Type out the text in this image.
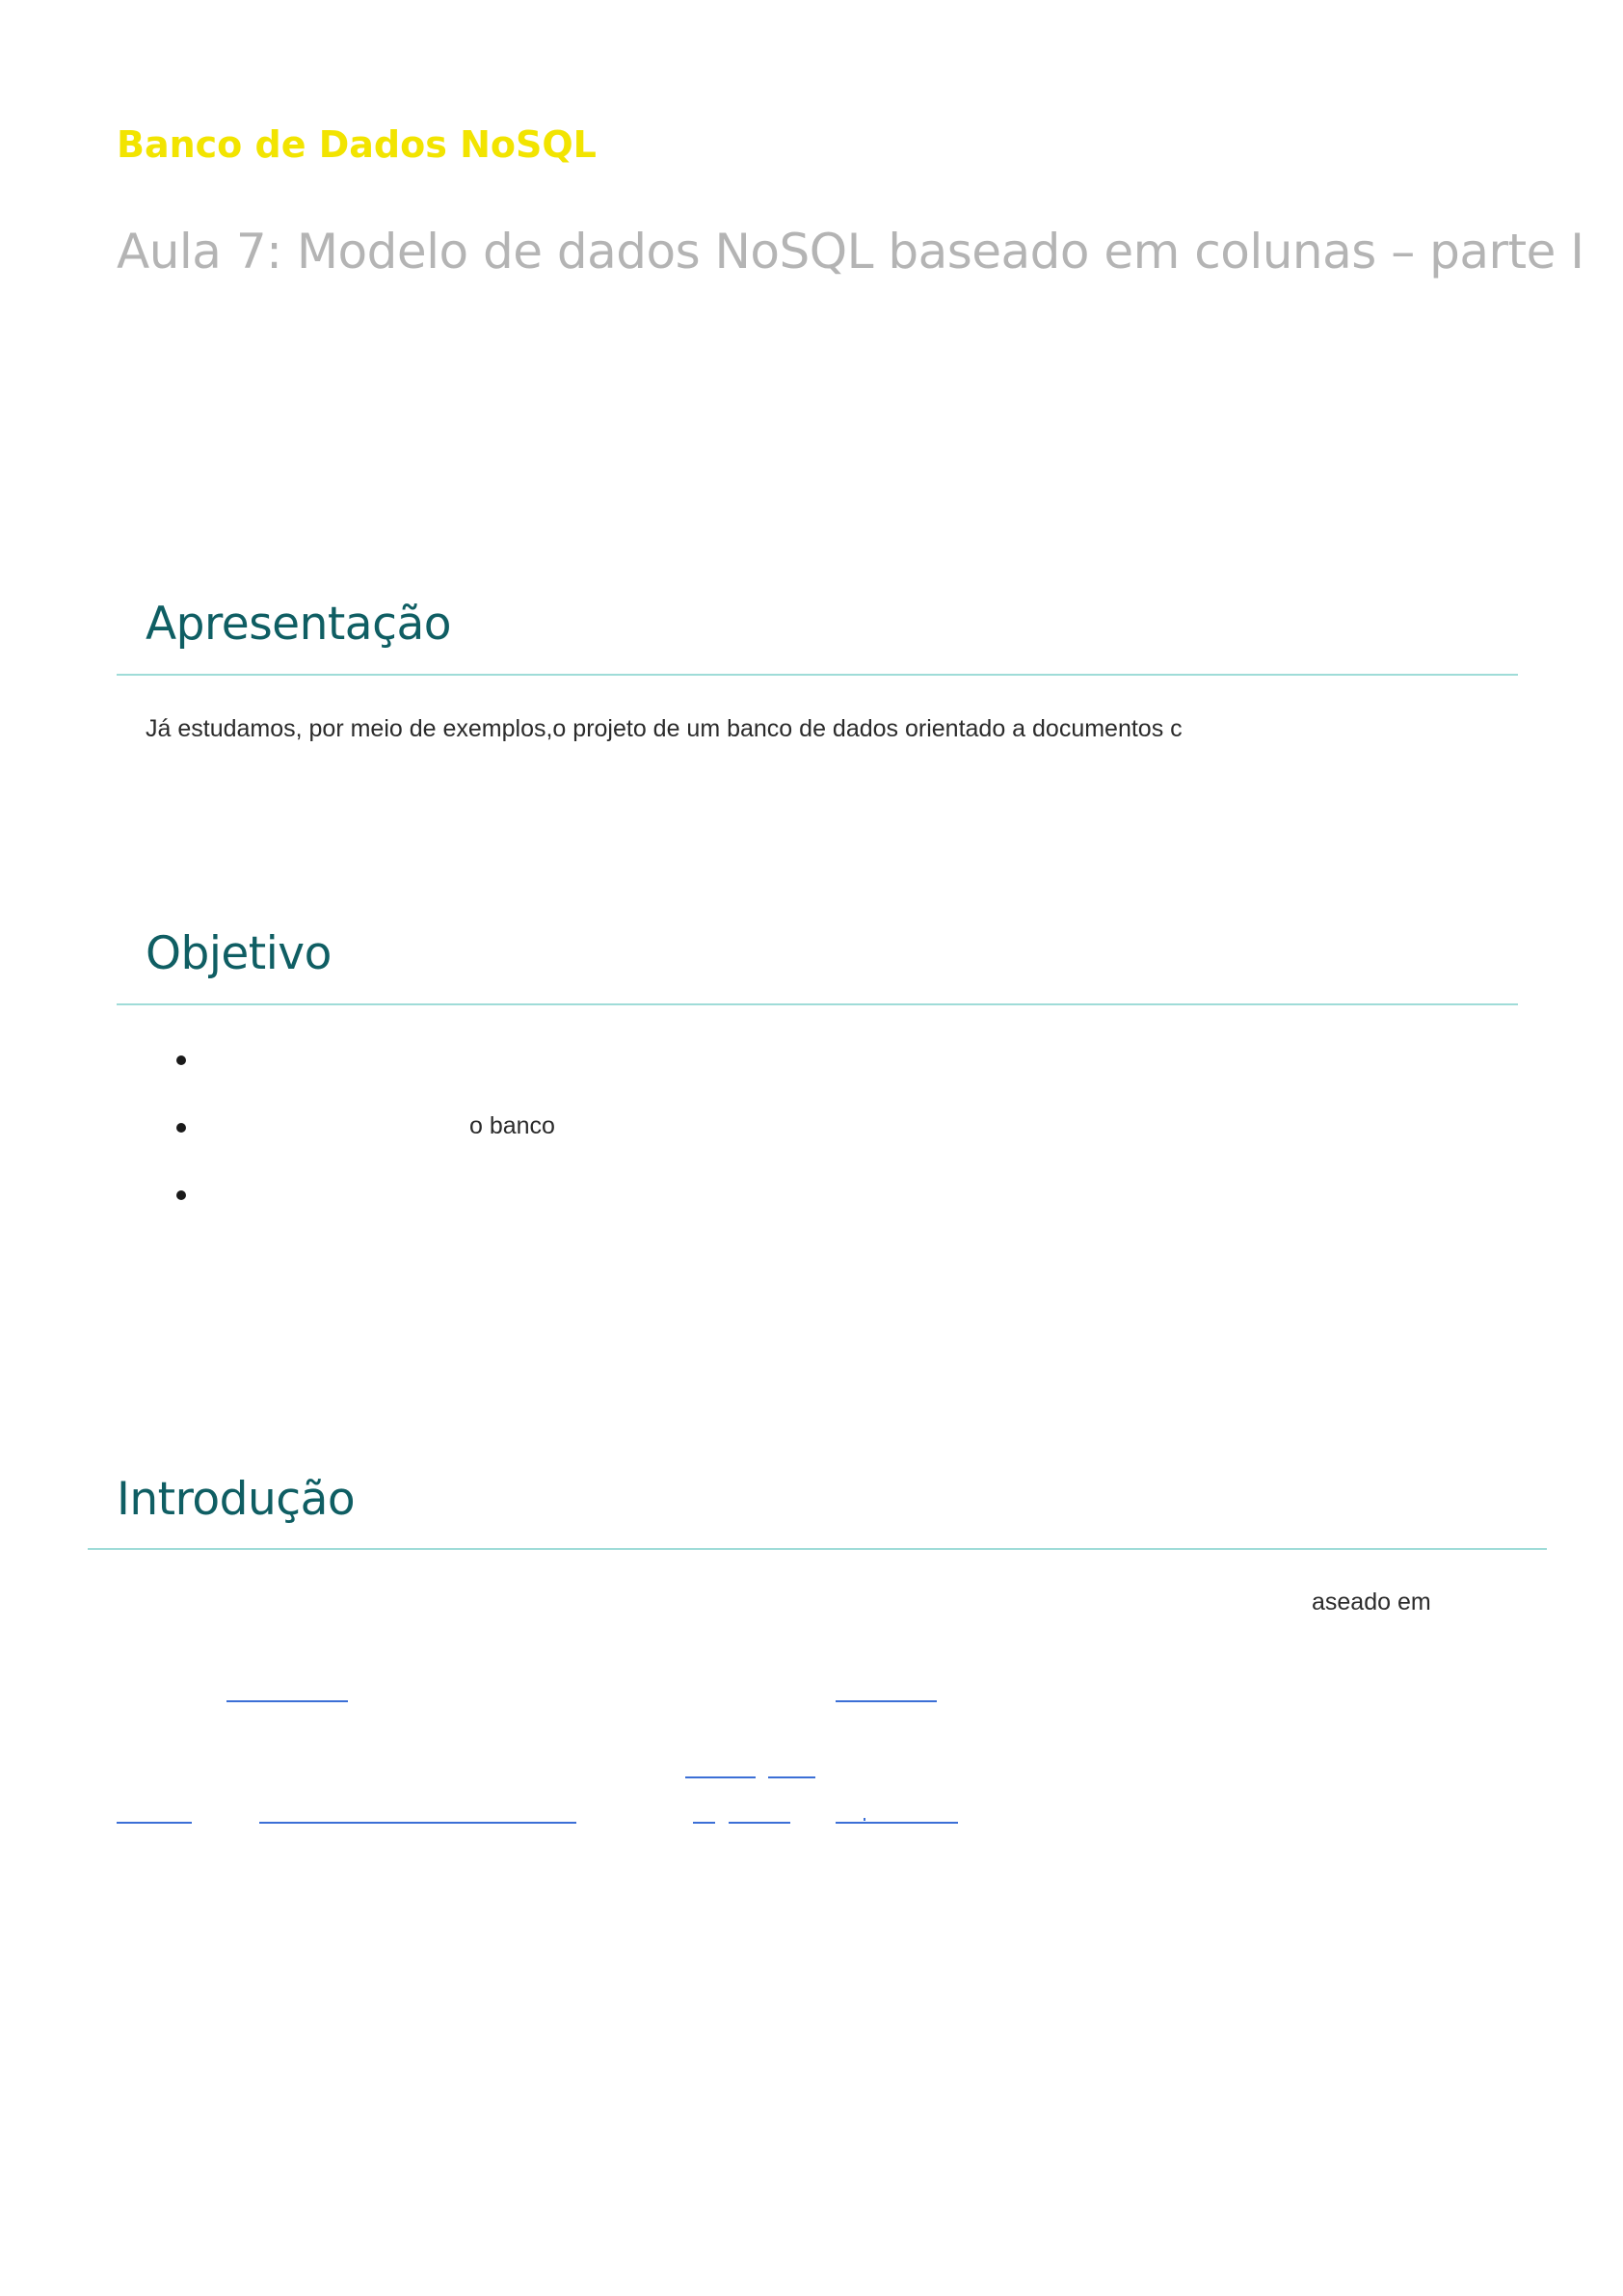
Banco de Dados NoSQL
Aula 7: Modelo de dados NoSQL baseado em colunas – parte I
Apresentação
Já estudamos, por meio de exemplos,o projeto de um banco de dados orientado a documentos c
Objetivo
o banco
Introdução
aseado em
